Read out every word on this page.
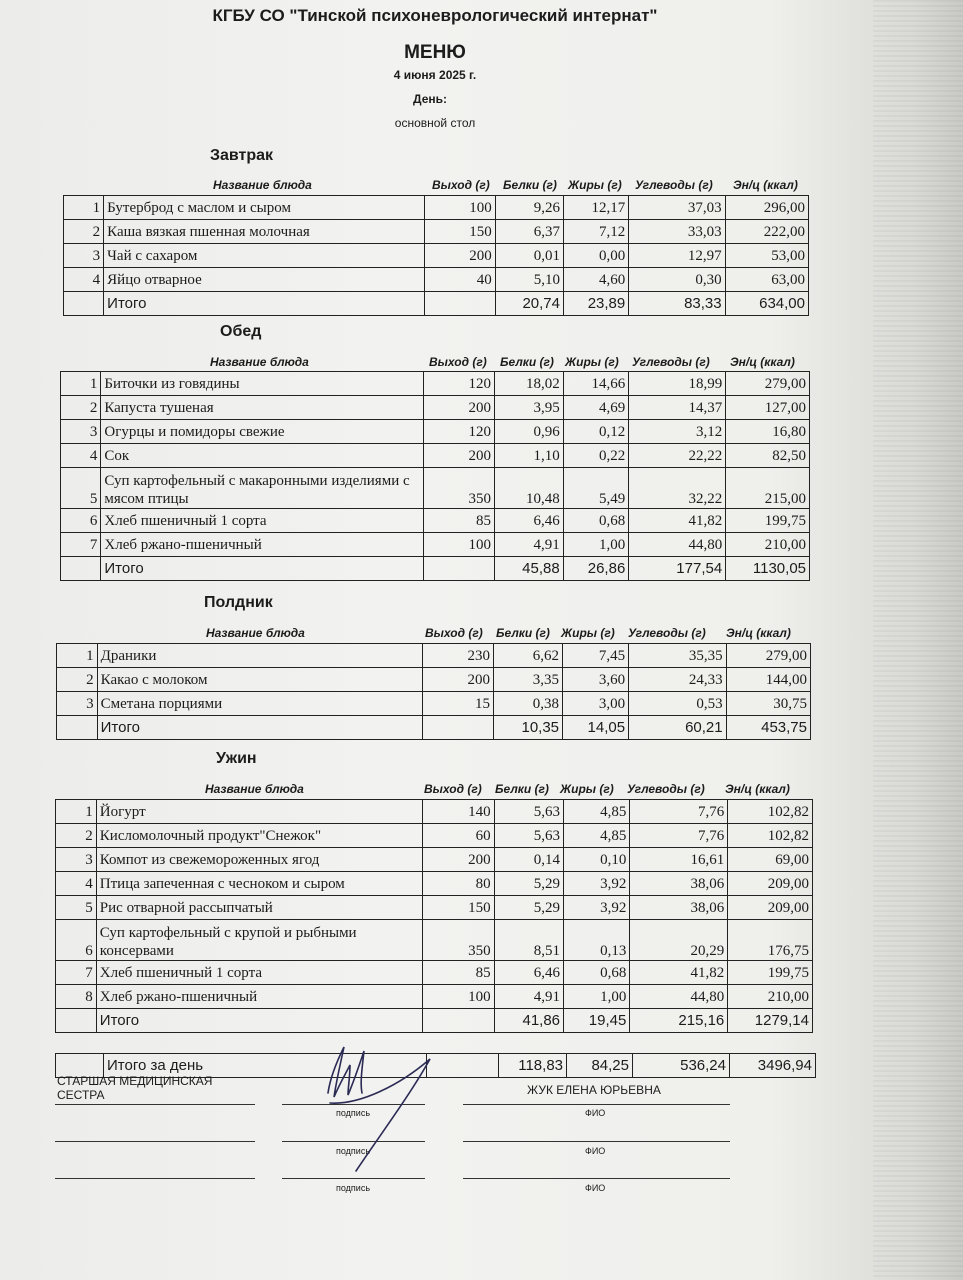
КГБУ СО "Тинской психоневрологический интернат"
МЕНЮ
4 июня 2025 г.
День:
основной стол
Завтрак
Название блюда	Выход (г) Белки (г) Жиры (г) Углеводы (г) Эн/ц (ккал)
1	Бутерброд с маслом и сыром	100	9,26	12,17	37,03	296,00
2	Каша вязкая пшенная молочная	150	6,37	7,12	33,03	222,00
3	Чай с сахаром	200	0,01	0,00	12,97	53,00
4	Яйцо отварное	40	5,10	4,60	0,30	63,00
	Итого		20,74	23,89	83,33	634,00
Обед
Название блюда	Выход (г) Белки (г) Жиры (г) Углеводы (г) Эн/ц (ккал)
1	Биточки из говядины	120	18,02	14,66	18,99	279,00
2	Капуста тушеная	200	3,95	4,69	14,37	127,00
3	Огурцы и помидоры свежие	120	0,96	0,12	3,12	16,80
4	Сок	200	1,10	0,22	22,22	82,50
5	Суп картофельный с макаронными изделиями с мясом птицы	350	10,48	5,49	32,22	215,00
6	Хлеб пшеничный 1 сорта	85	6,46	0,68	41,82	199,75
7	Хлеб ржано-пшеничный	100	4,91	1,00	44,80	210,00
	Итого		45,88	26,86	177,54	1130,05
Полдник
Название блюда	Выход (г) Белки (г) Жиры (г) Углеводы (г) Эн/ц (ккал)
1	Драники	230	6,62	7,45	35,35	279,00
2	Какао с молоком	200	3,35	3,60	24,33	144,00
3	Сметана порциями	15	0,38	3,00	0,53	30,75
	Итого		10,35	14,05	60,21	453,75
Ужин
Название блюда	Выход (г) Белки (г) Жиры (г) Углеводы (г) Эн/ц (ккал)
1	Йогурт	140	5,63	4,85	7,76	102,82
2	Кисломолочный продукт"Снежок"	60	5,63	4,85	7,76	102,82
3	Компот из свежемороженных ягод	200	0,14	0,10	16,61	69,00
4	Птица запеченная с чесноком и сыром	80	5,29	3,92	38,06	209,00
5	Рис отварной рассыпчатый	150	5,29	3,92	38,06	209,00
6	Суп картофельный с крупой и рыбными консервами	350	8,51	0,13	20,29	176,75
7	Хлеб пшеничный 1 сорта	85	6,46	0,68	41,82	199,75
8	Хлеб ржано-пшеничный	100	4,91	1,00	44,80	210,00
	Итого		41,86	19,45	215,16	1279,14
	Итого за день		118,83	84,25	536,24	3496,94
СТАРШАЯ МЕДИЦИНСКАЯ СЕСТРА
подпись
ЖУК ЕЛЕНА ЮРЬЕВНА
ФИО
подпись	ФИО
подпись	ФИО
